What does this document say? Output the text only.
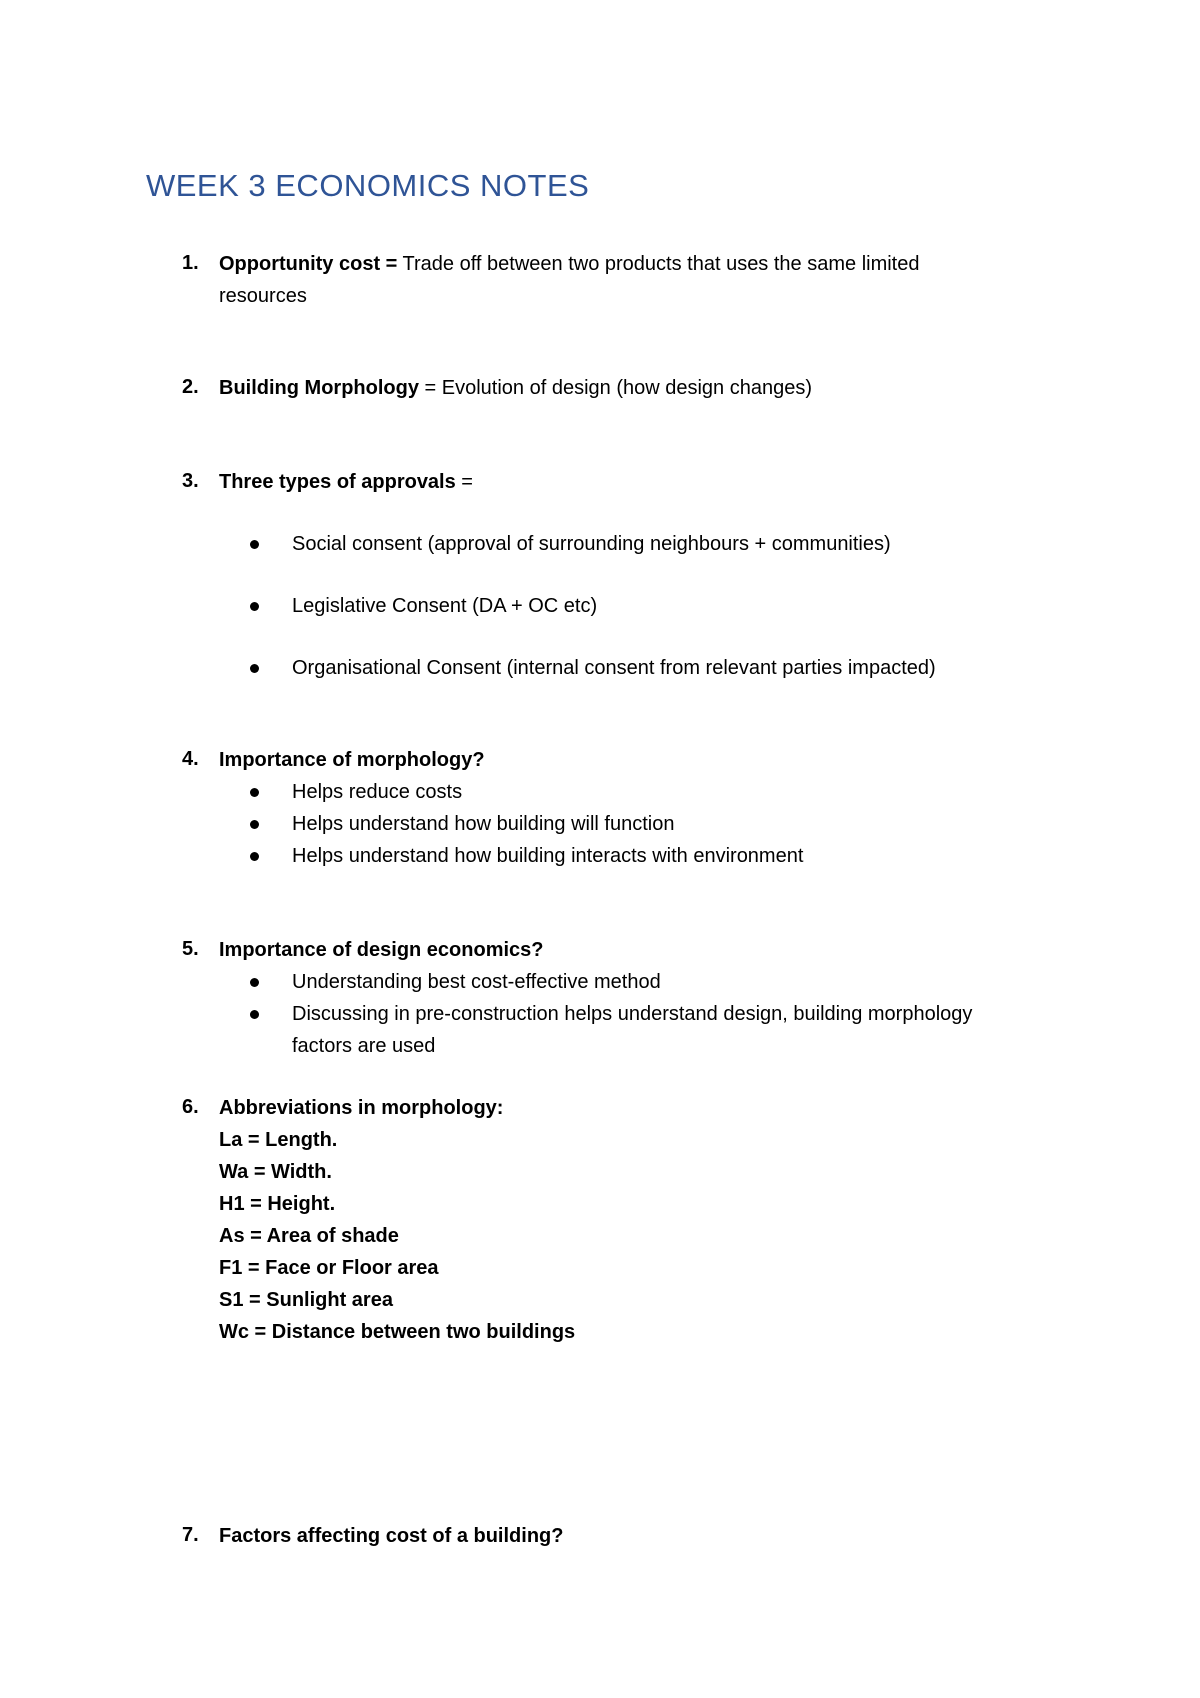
WEEK 3 ECONOMICS NOTES
1. Opportunity cost = Trade off between two products that uses the same limited
resources
2. Building Morphology = Evolution of design (how design changes)
3. Three types of approvals =
Social consent (approval of surrounding neighbours + communities)
Legislative Consent (DA + OC etc)
Organisational Consent (internal consent from relevant parties impacted)
4. Importance of morphology?
Helps reduce costs
Helps understand how building will function
Helps understand how building interacts with environment
5. Importance of design economics?
Understanding best cost-effective method
Discussing in pre-construction helps understand design, building morphology
factors are used
6. Abbreviations in morphology:
La = Length.
Wa = Width.
H1 = Height.
As = Area of shade
F1 = Face or Floor area
S1 = Sunlight area
Wc = Distance between two buildings
7. Factors affecting cost of a building?
